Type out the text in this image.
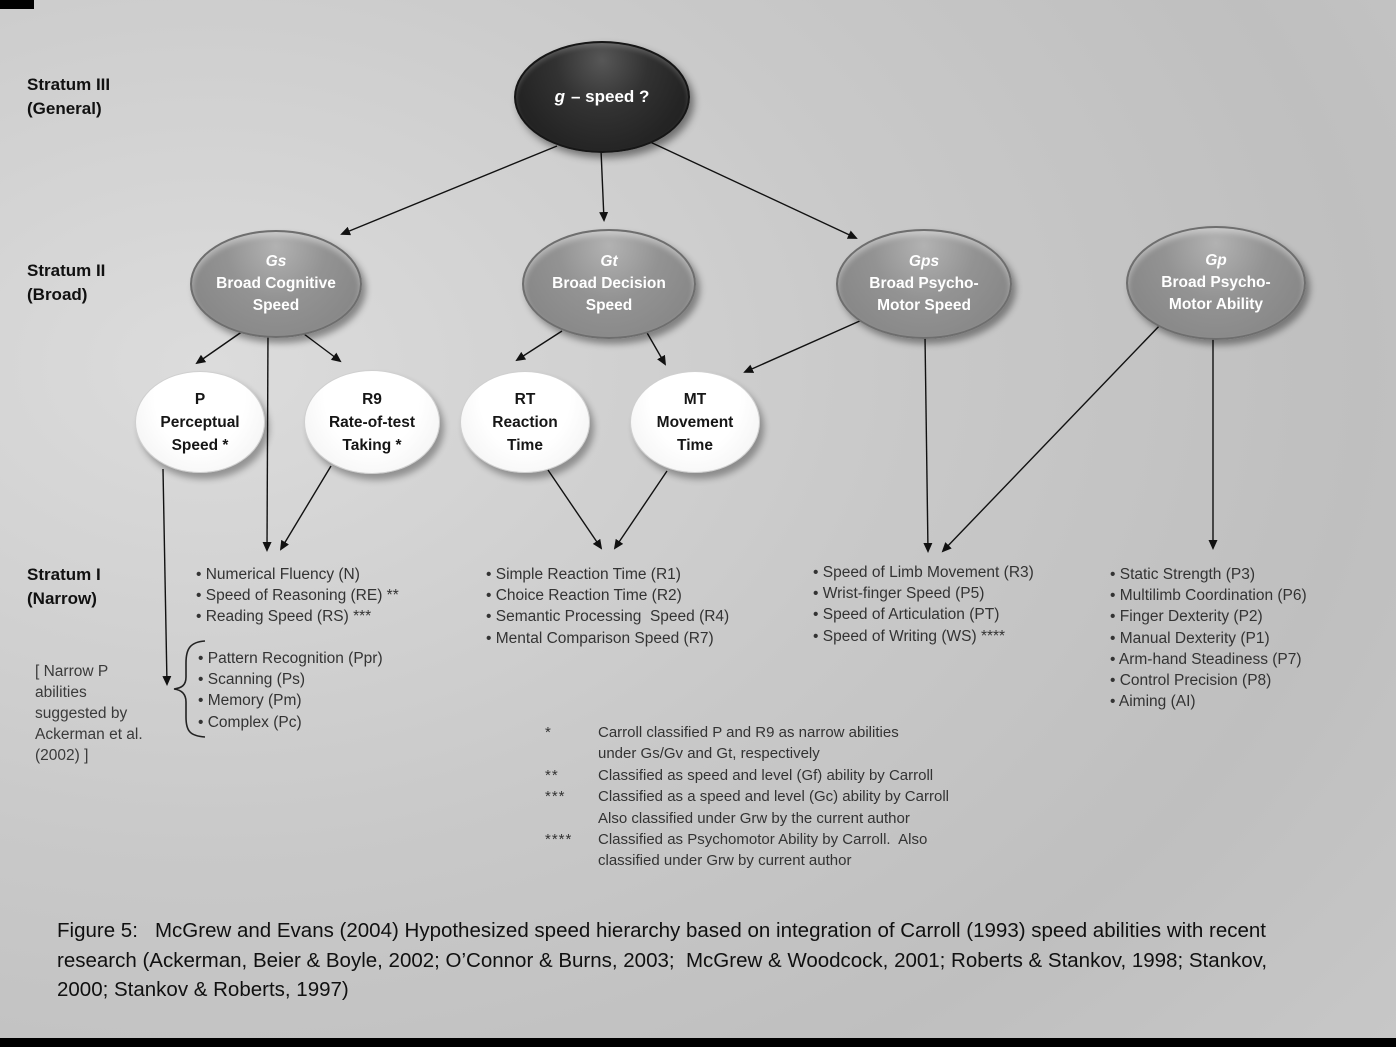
Stratum III
(General)
Stratum II
(Broad)
Stratum I
(Narrow)
g – speed ?
Gs
Broad Cognitive Speed
Gt
Broad Decision Speed
Gps
Broad Psycho-Motor Speed
Gp
Broad Psycho-Motor Ability
P
Perceptual Speed *
R9
Rate-of-test Taking *
RT
Reaction Time
MT
Movement Time
• Numerical Fluency (N)
• Speed of Reasoning (RE) **
• Reading Speed (RS) ***
• Pattern Recognition (Ppr)
• Scanning (Ps)
• Memory (Pm)
• Complex (Pc)
• Simple Reaction Time (R1)
• Choice Reaction Time (R2)
• Semantic Processing  Speed (R4)
• Mental Comparison Speed (R7)
• Speed of Limb Movement (R3)
• Wrist-finger Speed (P5)
• Speed of Articulation (PT)
• Speed of Writing (WS) ****
• Static Strength (P3)
• Multilimb Coordination (P6)
• Finger Dexterity (P2)
• Manual Dexterity (P1)
• Arm-hand Steadiness (P7)
• Control Precision (P8)
• Aiming (AI)
[ Narrow P
abilities
suggested by
Ackerman et al.
(2002) ]
*	Carroll classified P and R9 as narrow abilities
under Gs/Gv and Gt, respectively
**	Classified as speed and level (Gf) ability by Carroll
***	Classified as a speed and level (Gc) ability by Carroll
Also classified under Grw by the current author
****	Classified as Psychomotor Ability by Carroll.  Also
classified under Grw by current author
Figure 5:   McGrew and Evans (2004) Hypothesized speed hierarchy based on integration of Carroll (1993) speed abilities with recent research (Ackerman, Beier & Boyle, 2002; O’Connor & Burns, 2003;  McGrew & Woodcock, 2001; Roberts & Stankov, 1998; Stankov, 2000; Stankov & Roberts, 1997)
